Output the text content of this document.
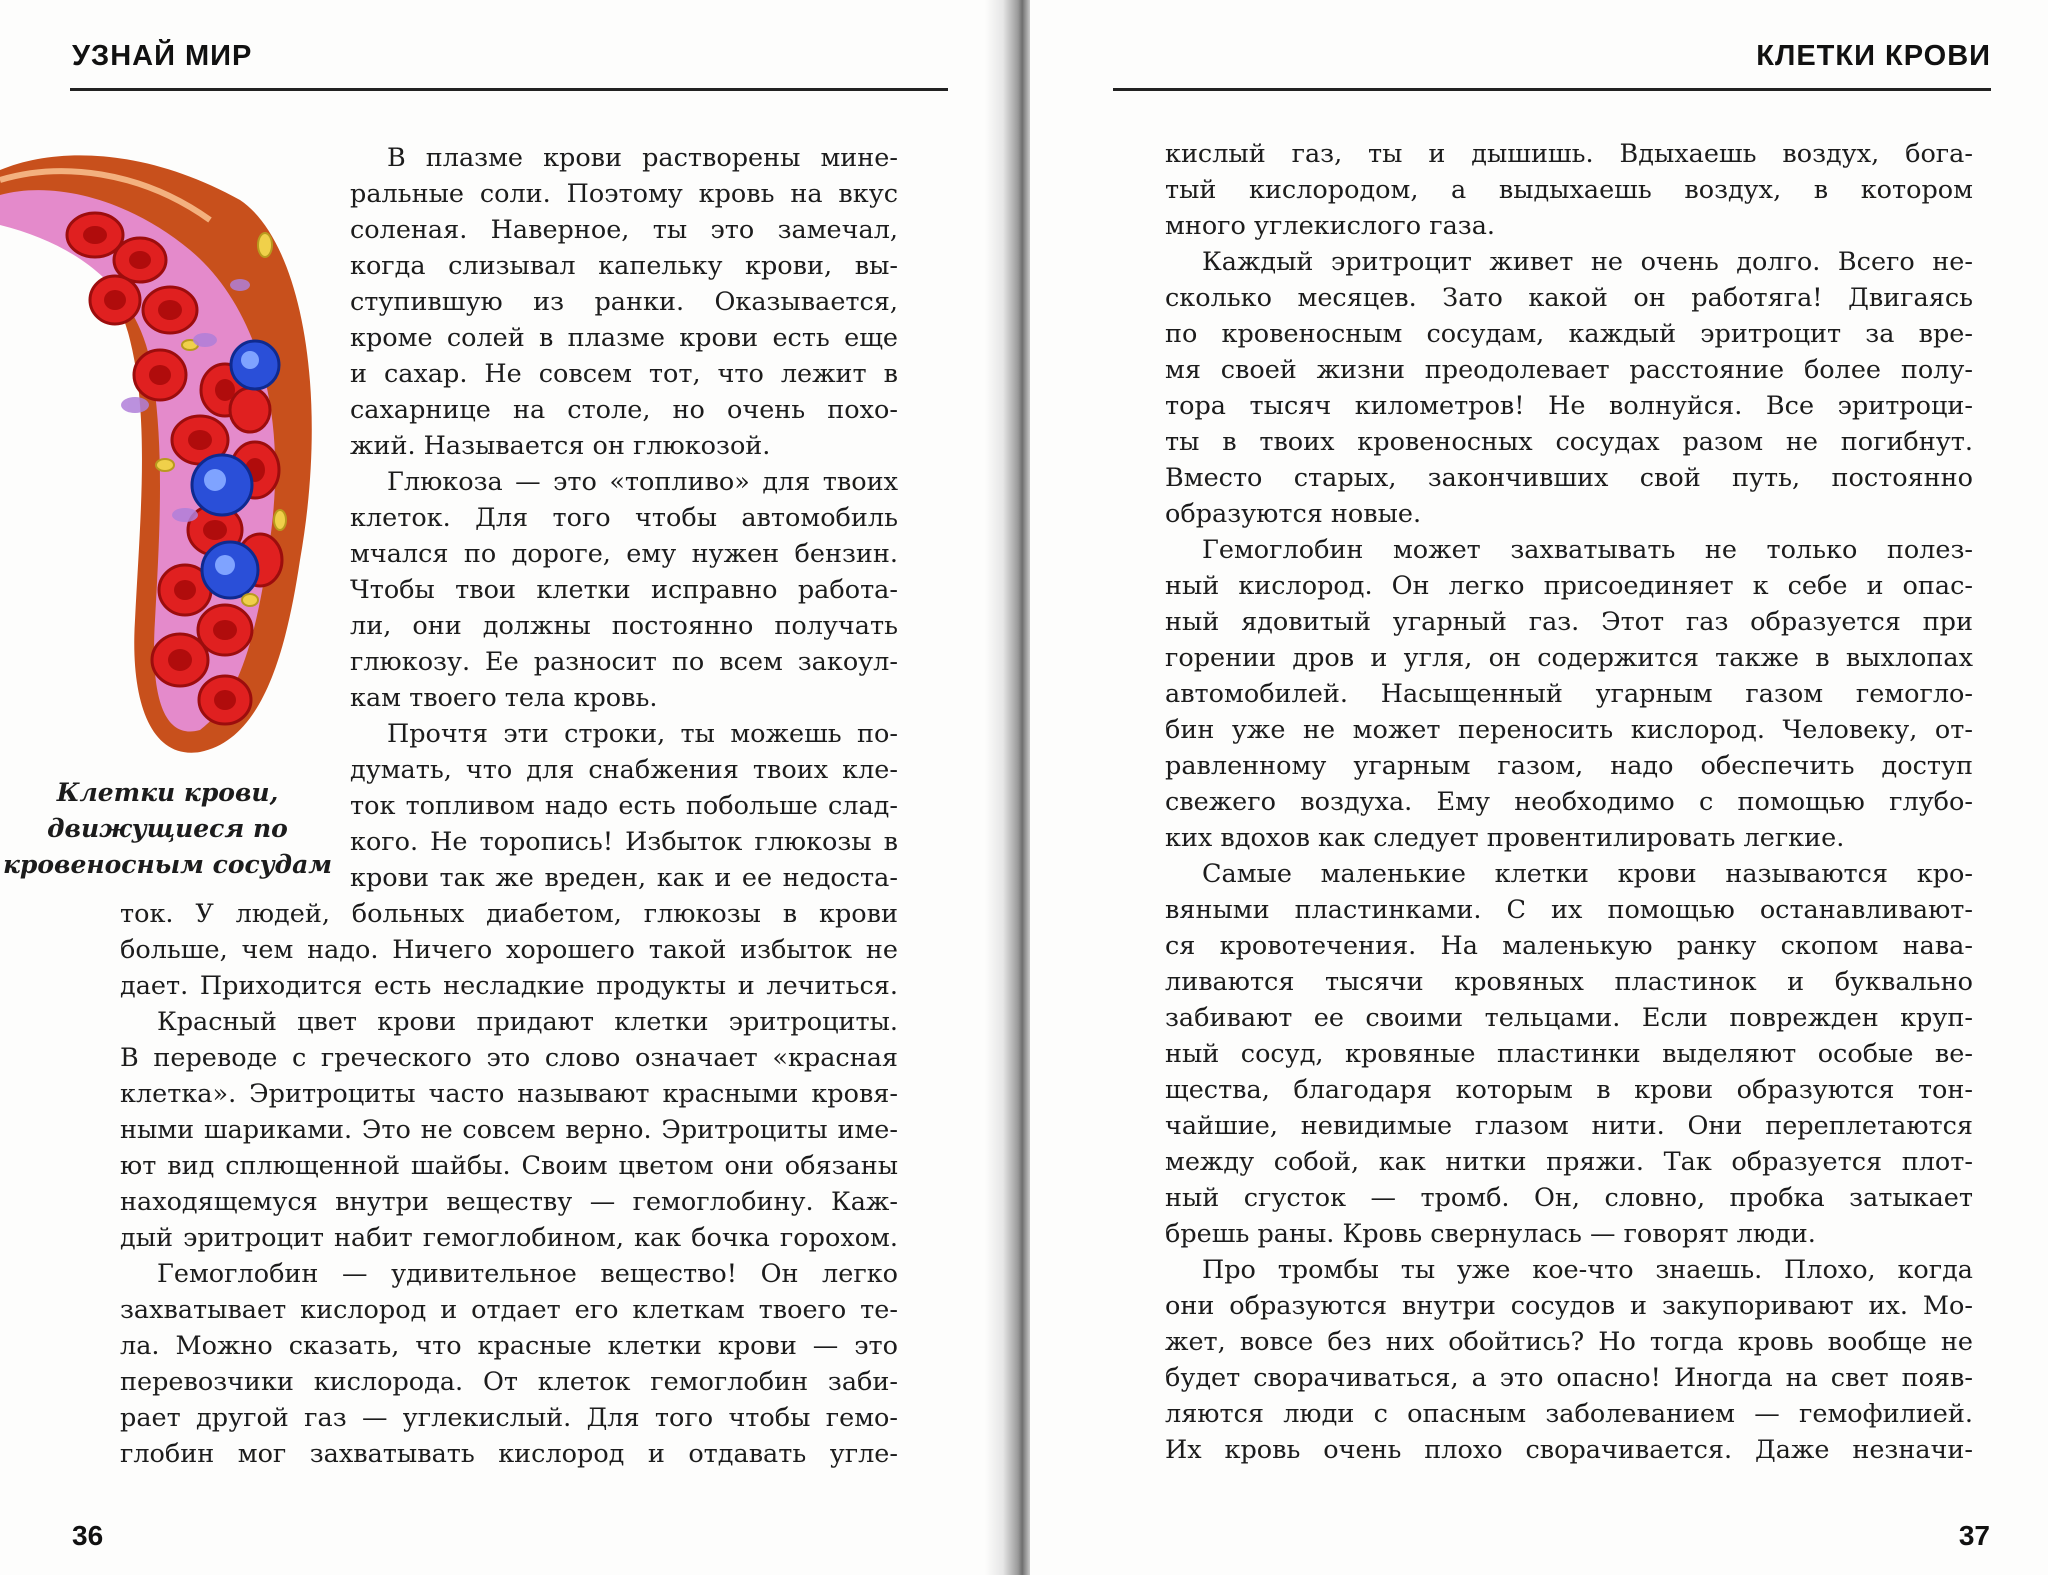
УЗНАЙ МИР
Клетки крови,
движущиеся по
кровеносным сосудам
В плазме крови растворены мине-
ральные соли. Поэтому кровь на вкус
соленая. Наверное, ты это замечал,
когда слизывал капельку крови, вы-
ступившую из ранки. Оказывается,
кроме солей в плазме крови есть еще
и сахар. Не совсем тот, что лежит в
сахарнице на столе, но очень похо-
жий. Называется он глюкозой.
Глюкоза — это «топливо» для твоих
клеток. Для того чтобы автомобиль
мчался по дороге, ему нужен бензин.
Чтобы твои клетки исправно работа-
ли, они должны постоянно получать
глюкозу. Ее разносит по всем закоул-
кам твоего тела кровь.
Прочтя эти строки, ты можешь по-
думать, что для снабжения твоих кле-
ток топливом надо есть побольше слад-
кого. Не торопись! Избыток глюкозы в
крови так же вреден, как и ее недоста-
ток. У людей, больных диабетом, глюкозы в крови
больше, чем надо. Ничего хорошего такой избыток не
дает. Приходится есть несладкие продукты и лечиться.
Красный цвет крови придают клетки эритроциты.
В переводе с греческого это слово означает «красная
клетка». Эритроциты часто называют красными кровя-
ными шариками. Это не совсем верно. Эритроциты име-
ют вид сплющенной шайбы. Своим цветом они обязаны
находящемуся внутри веществу — гемоглобину. Каж-
дый эритроцит набит гемоглобином, как бочка горохом.
Гемоглобин — удивительное вещество! Он легко
захватывает кислород и отдает его клеткам твоего те-
ла. Можно сказать, что красные клетки крови — это
перевозчики кислорода. От клеток гемоглобин заби-
рает другой газ — углекислый. Для того чтобы гемо-
глобин мог захватывать кислород и отдавать угле-
36
КЛЕТКИ КРОВИ
кислый газ, ты и дышишь. Вдыхаешь воздух, бога-
тый кислородом, а выдыхаешь воздух, в котором
много углекислого газа.
Каждый эритроцит живет не очень долго. Всего не-
сколько месяцев. Зато какой он работяга! Двигаясь
по кровеносным сосудам, каждый эритроцит за вре-
мя своей жизни преодолевает расстояние более полу-
тора тысяч километров! Не волнуйся. Все эритроци-
ты в твоих кровеносных сосудах разом не погибнут.
Вместо старых, закончивших свой путь, постоянно
образуются новые.
Гемоглобин может захватывать не только полез-
ный кислород. Он легко присоединяет к себе и опас-
ный ядовитый угарный газ. Этот газ образуется при
горении дров и угля, он содержится также в выхлопах
автомобилей. Насыщенный угарным газом гемогло-
бин уже не может переносить кислород. Человеку, от-
равленному угарным газом, надо обеспечить доступ
свежего воздуха. Ему необходимо с помощью глубо-
ких вдохов как следует провентилировать легкие.
Самые маленькие клетки крови называются кро-
вяными пластинками. С их помощью останавливают-
ся кровотечения. На маленькую ранку скопом нава-
ливаются тысячи кровяных пластинок и буквально
забивают ее своими тельцами. Если поврежден круп-
ный сосуд, кровяные пластинки выделяют особые ве-
щества, благодаря которым в крови образуются тон-
чайшие, невидимые глазом нити. Они переплетаются
между собой, как нитки пряжи. Так образуется плот-
ный сгусток — тромб. Он, словно, пробка затыкает
брешь раны. Кровь свернулась — говорят люди.
Про тромбы ты уже кое-что знаешь. Плохо, когда
они образуются внутри сосудов и закупоривают их. Мо-
жет, вовсе без них обойтись? Но тогда кровь вообще не
будет сворачиваться, а это опасно! Иногда на свет появ-
ляются люди с опасным заболеванием — гемофилией.
Их кровь очень плохо сворачивается. Даже незначи-
37
